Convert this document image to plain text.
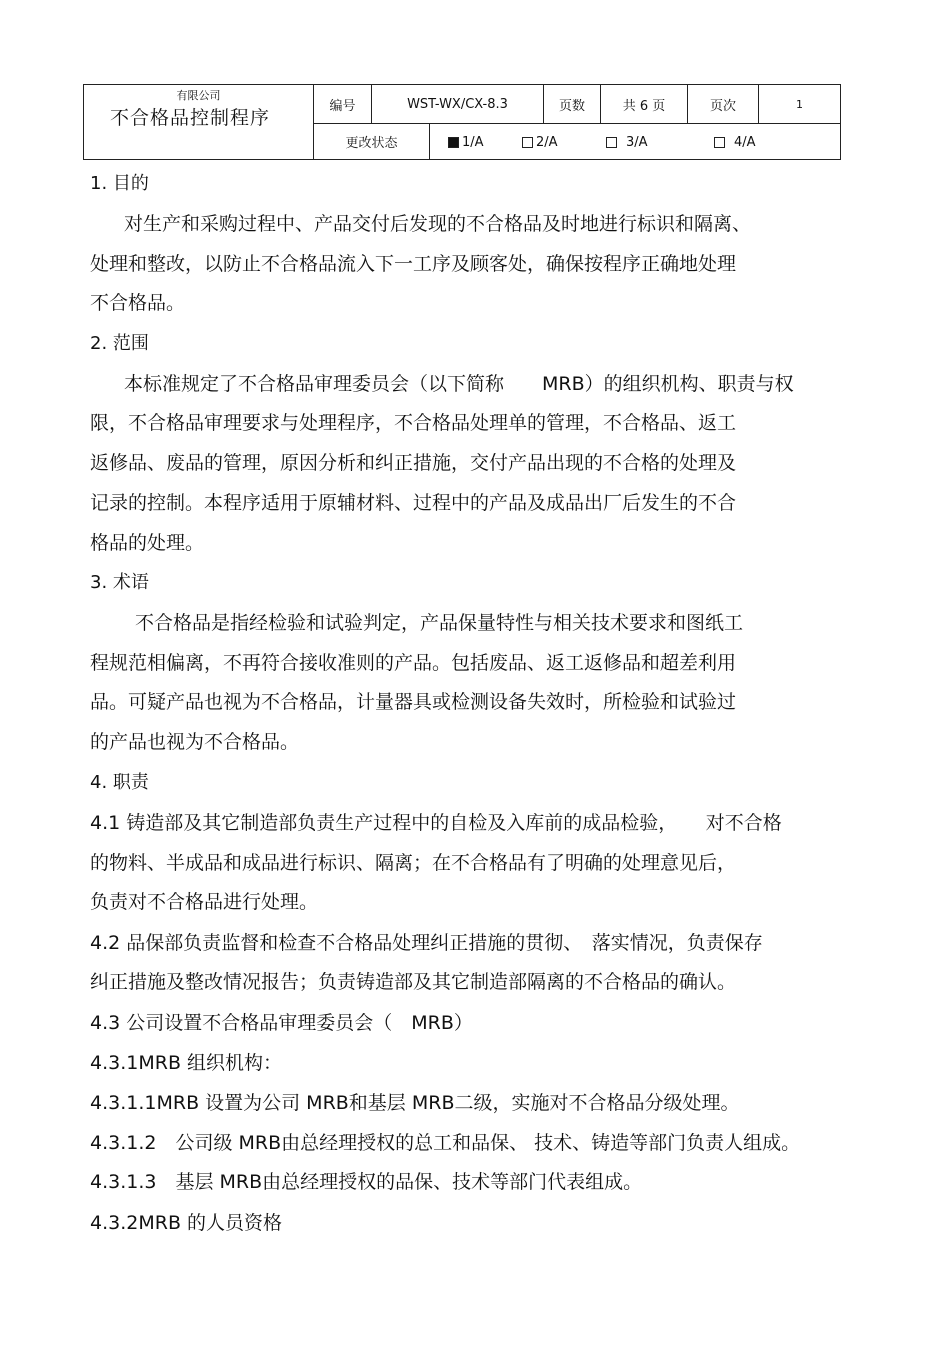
有限公司
不合格品控制程序
编号	WST-WX/CX-8.3	页数	共 6 页	页次	1
更改状态	1/A	2/A	3/A	4/A
1. 目的
对生产和采购过程中、产品交付后发现的不合格品及时地进行标识和隔离、
处理和整改，以防止不合格品流入下一工序及顾客处，确保按程序正确地处理
不合格品。
2. 范围
本标准规定了不合格品审理委员会（以下简称　　MRB）的组织机构、职责与权
限，不合格品审理要求与处理程序，不合格品处理单的管理，不合格品、返工
返修品、废品的管理，原因分析和纠正措施，交付产品出现的不合格的处理及
记录的控制。本程序适用于原辅材料、过程中的产品及成品出厂后发生的不合
格品的处理。
3. 术语
不合格品是指经检验和试验判定，产品保量特性与相关技术要求和图纸工
程规范相偏离，不再符合接收准则的产品。包括废品、返工返修品和超差利用
品。可疑产品也视为不合格品，计量器具或检测设备失效时，所检验和试验过
的产品也视为不合格品。
4. 职责
4.1 铸造部及其它制造部负责生产过程中的自检及入库前的成品检验，　　对不合格
的物料、半成品和成品进行标识、隔离；在不合格品有了明确的处理意见后，
负责对不合格品进行处理。
4.2 品保部负责监督和检查不合格品处理纠正措施的贯彻、　落实情况，负责保存
纠正措施及整改情况报告；负责铸造部及其它制造部隔离的不合格品的确认。
4.3 公司设置不合格品审理委员会（　MRB）
4.3.1MRB 组织机构：
4.3.1.1MRB 设置为公司 MRB和基层 MRB二级，实施对不合格品分级处理。
4.3.1.2　公司级 MRB由总经理授权的总工和品保、 技术、铸造等部门负责人组成。
4.3.1.3　基层 MRB由总经理授权的品保、技术等部门代表组成。
4.3.2MRB 的人员资格
